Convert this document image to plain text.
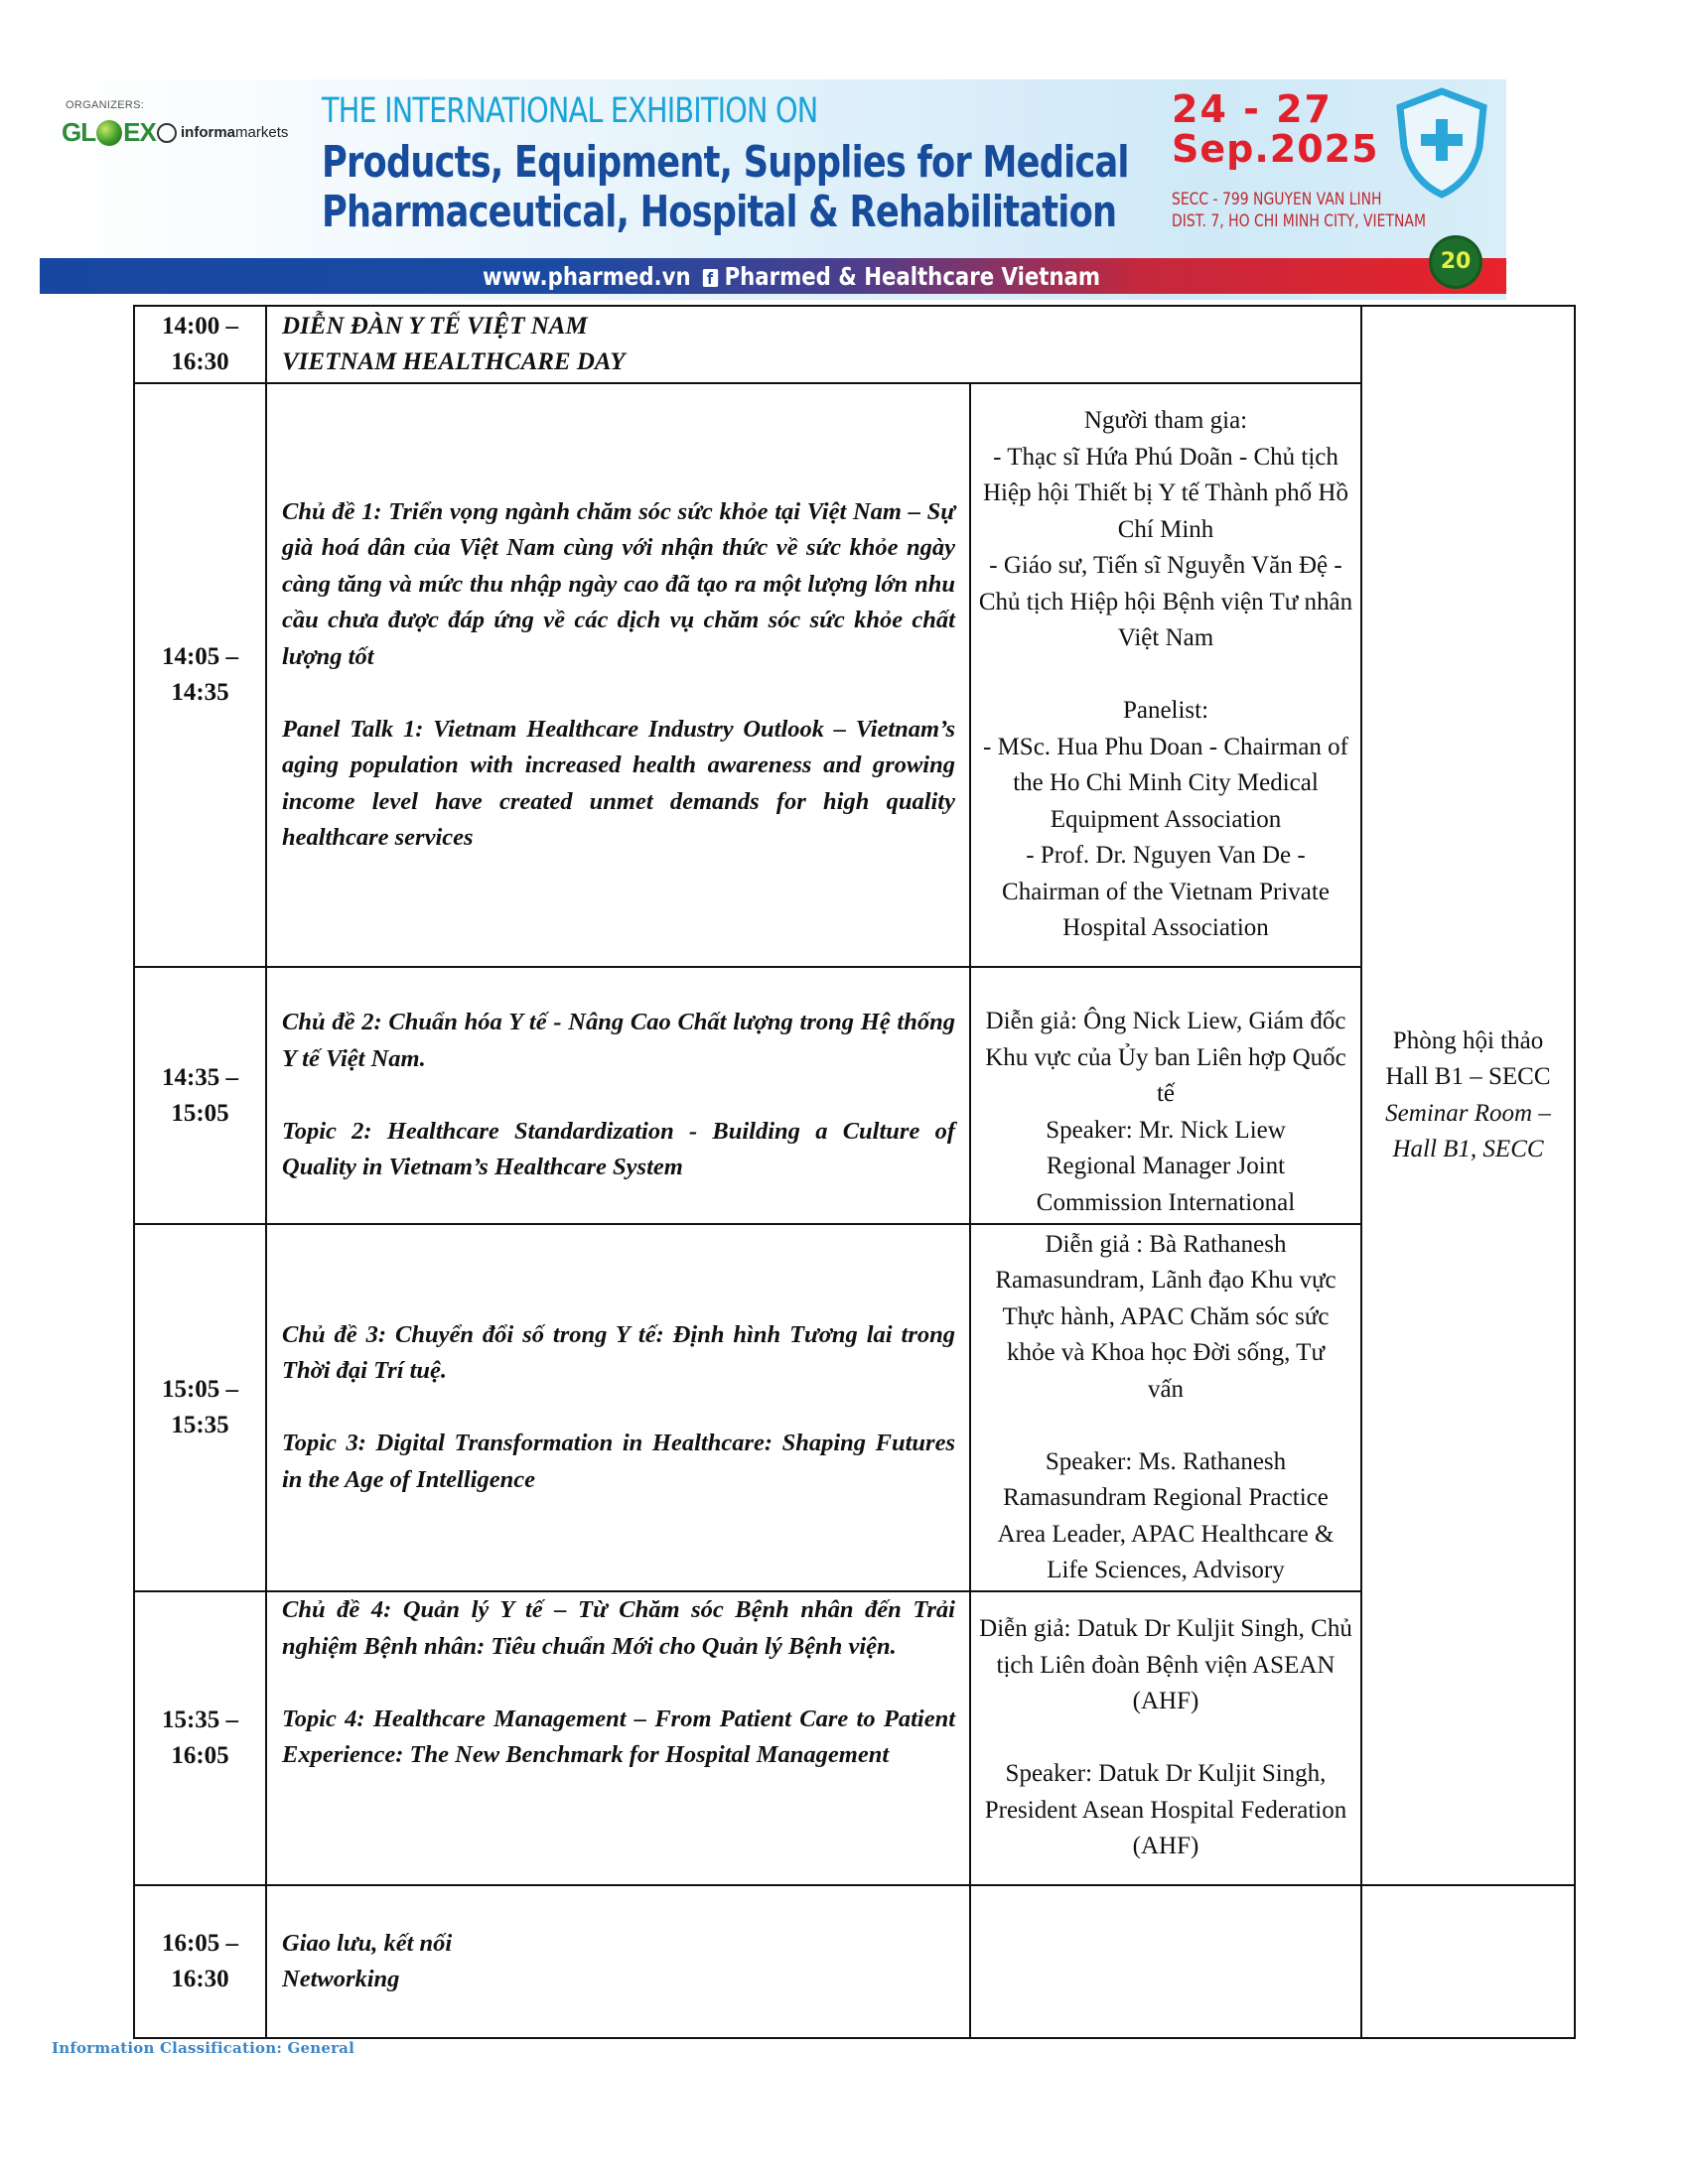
ORGANIZERS:
GL EX	informamarkets
THE INTERNATIONAL EXHIBITION ON
Products, Equipment, Supplies for Medical
Pharmaceutical, Hospital & Rehabilitation
24 - 27
Sep.2025
SECC - 799 NGUYEN VAN LINH
DIST. 7, HO CHI MINH CITY, VIETNAM
www.pharmed.vn f Pharmed & Healthcare Vietnam
20
14:00 – 16:30

DIỄN ĐÀN Y TẾ VIỆT NAM

VIETNAM HEALTHCARE DAY

Phòng hội thảo

Hall B1 – SECC

Seminar Room –

Hall B1, SECC

14:05 – 14:35

Chủ đề 1: Triển vọng ngành chăm sóc sức khỏe tại Việt Nam – Sự già hoá dân của Việt Nam cùng với nhận thức về sức khỏe ngày càng tăng và mức thu nhập ngày cao đã tạo ra một lượng lớn nhu cầu chưa được đáp ứng về các dịch vụ chăm sóc sức khỏe chất lượng tốt

Panel Talk 1: Vietnam Healthcare Industry Outlook – Vietnam’s aging population with increased health awareness and growing income level have created unmet demands for high quality healthcare services

Người tham gia:
- Thạc sĩ Hứa Phú Doãn - Chủ tịch Hiệp hội Thiết bị Y tế Thành phố Hồ Chí Minh
- Giáo sư, Tiến sĩ Nguyễn Văn Đệ - Chủ tịch Hiệp hội Bệnh viện Tư nhân Việt Nam

Panelist:
- MSc. Hua Phu Doan - Chairman of the Ho Chi Minh City Medical Equipment Association
- Prof. Dr. Nguyen Van De - Chairman of the Vietnam Private Hospital Association

14:35 – 15:05

Chủ đề 2: Chuẩn hóa Y tế - Nâng Cao Chất lượng trong Hệ thống Y tế Việt Nam.

Topic 2: Healthcare Standardization - Building a Culture of Quality in Vietnam’s Healthcare System

Diễn giả: Ông Nick Liew, Giám đốc Khu vực của Ủy ban Liên hợp Quốc tế

Speaker: Mr. Nick Liew Regional Manager Joint Commission International

15:05 – 15:35

Chủ đề 3: Chuyển đổi số trong Y tế: Định hình Tương lai trong Thời đại Trí tuệ.

Topic 3: Digital Transformation in Healthcare: Shaping Futures in the Age of Intelligence

Diễn giả : Bà Rathanesh Ramasundram, Lãnh đạo Khu vực Thực hành, APAC Chăm sóc sức khỏe và Khoa học Đời sống, Tư vấn

Speaker: Ms. Rathanesh Ramasundram Regional Practice Area Leader, APAC Healthcare & Life Sciences, Advisory

15:35 – 16:05

Chủ đề 4: Quản lý Y tế – Từ Chăm sóc Bệnh nhân đến Trải nghiệm Bệnh nhân: Tiêu chuẩn Mới cho Quản lý Bệnh viện.

Topic 4: Healthcare Management – From Patient Care to Patient Experience: The New Benchmark for Hospital Management

Diễn giả: Datuk Dr Kuljit Singh, Chủ tịch Liên đoàn Bệnh viện ASEAN (AHF)

Speaker: Datuk Dr Kuljit Singh, President Asean Hospital Federation (AHF)

16:05 – 16:30

Giao lưu, kết nối

Networking

Information Classification: General
